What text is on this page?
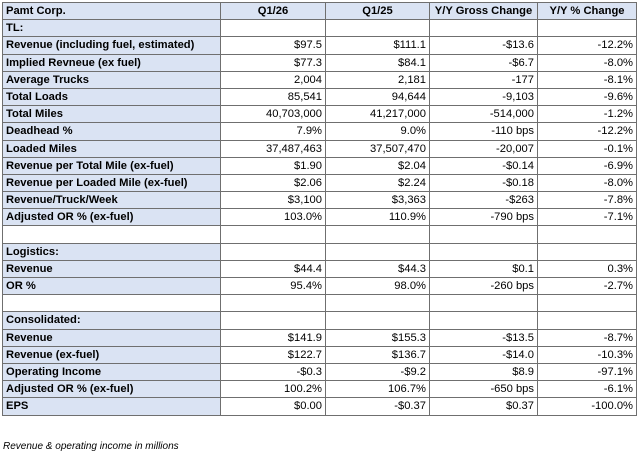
Pamt Corp.	Q1/26	Q1/25	Y/Y Gross Change	Y/Y % Change
TL:				
Revenue (including fuel, estimated)	$97.5	$111.1	-$13.6	-12.2%
Implied Revneue (ex fuel)	$77.3	$84.1	-$6.7	-8.0%
Average Trucks	2,004	2,181	-177	-8.1%
Total Loads	85,541	94,644	-9,103	-9.6%
Total Miles	40,703,000	41,217,000	-514,000	-1.2%
Deadhead %	7.9%	9.0%	-110 bps	-12.2%
Loaded Miles	37,487,463	37,507,470	-20,007	-0.1%
Revenue per Total Mile (ex-fuel)	$1.90	$2.04	-$0.14	-6.9%
Revenue per Loaded Mile (ex-fuel)	$2.06	$2.24	-$0.18	-8.0%
Revenue/Truck/Week	$3,100	$3,363	-$263	-7.8%
Adjusted OR % (ex-fuel)	103.0%	110.9%	-790 bps	-7.1%

Logistics:				
Revenue	$44.4	$44.3	$0.1	0.3%
OR %	95.4%	98.0%	-260 bps	-2.7%

Consolidated:				
Revenue	$141.9	$155.3	-$13.5	-8.7%
Revenue (ex-fuel)	$122.7	$136.7	-$14.0	-10.3%
Operating Income	-$0.3	-$9.2	$8.9	-97.1%
Adjusted OR % (ex-fuel)	100.2%	106.7%	-650 bps	-6.1%
EPS	$0.00	-$0.37	$0.37	-100.0%
Revenue & operating income in millions
